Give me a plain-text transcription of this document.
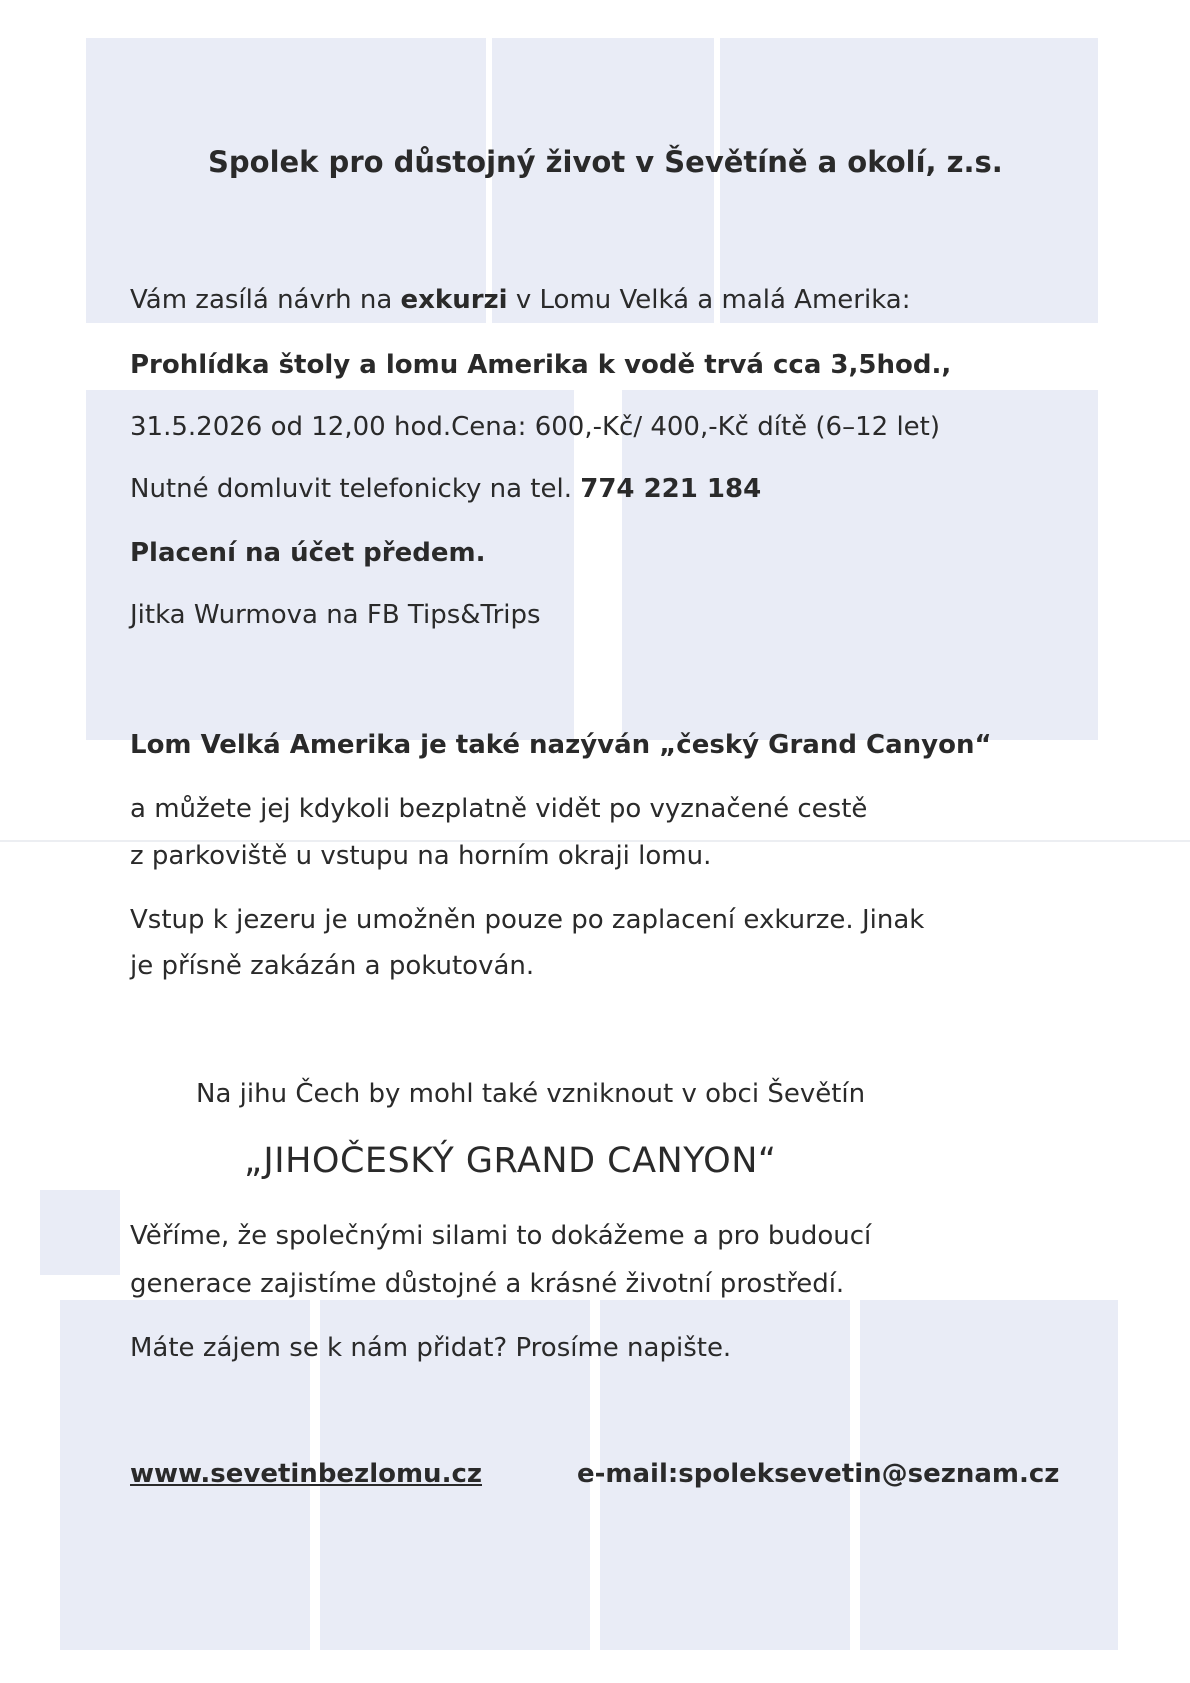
Spolek pro důstojný život v Ševětíně a okolí, z.s.
Vám zasílá návrh na exkurzi v Lomu Velká a malá Amerika:
Prohlídka štoly a lomu Amerika k vodě trvá cca 3,5hod.,
31.5.2026 od 12,00 hod.Cena: 600,-Kč/ 400,-Kč dítě (6–12 let)
Nutné domluvit telefonicky na tel. 774 221 184
Placení na účet předem.
Jitka Wurmova na FB Tips&Trips
Lom Velká Amerika je také nazýván „český Grand Canyon“
a můžete jej kdykoli bezplatně vidět po vyznačené cestě
z parkoviště u vstupu na horním okraji lomu.
Vstup k jezeru je umožněn pouze po zaplacení exkurze. Jinak
je přísně zakázán a pokutován.
Na jihu Čech by mohl také vzniknout v obci Ševětín
„JIHOČESKÝ GRAND CANYON“
Věříme, že společnými silami to dokážeme a pro budoucí
generace zajistíme důstojné a krásné životní prostředí.
Máte zájem se k nám přidat? Prosíme napište.
www.sevetinbezlomu.cz	e-mail:spoleksevetin@seznam.cz
